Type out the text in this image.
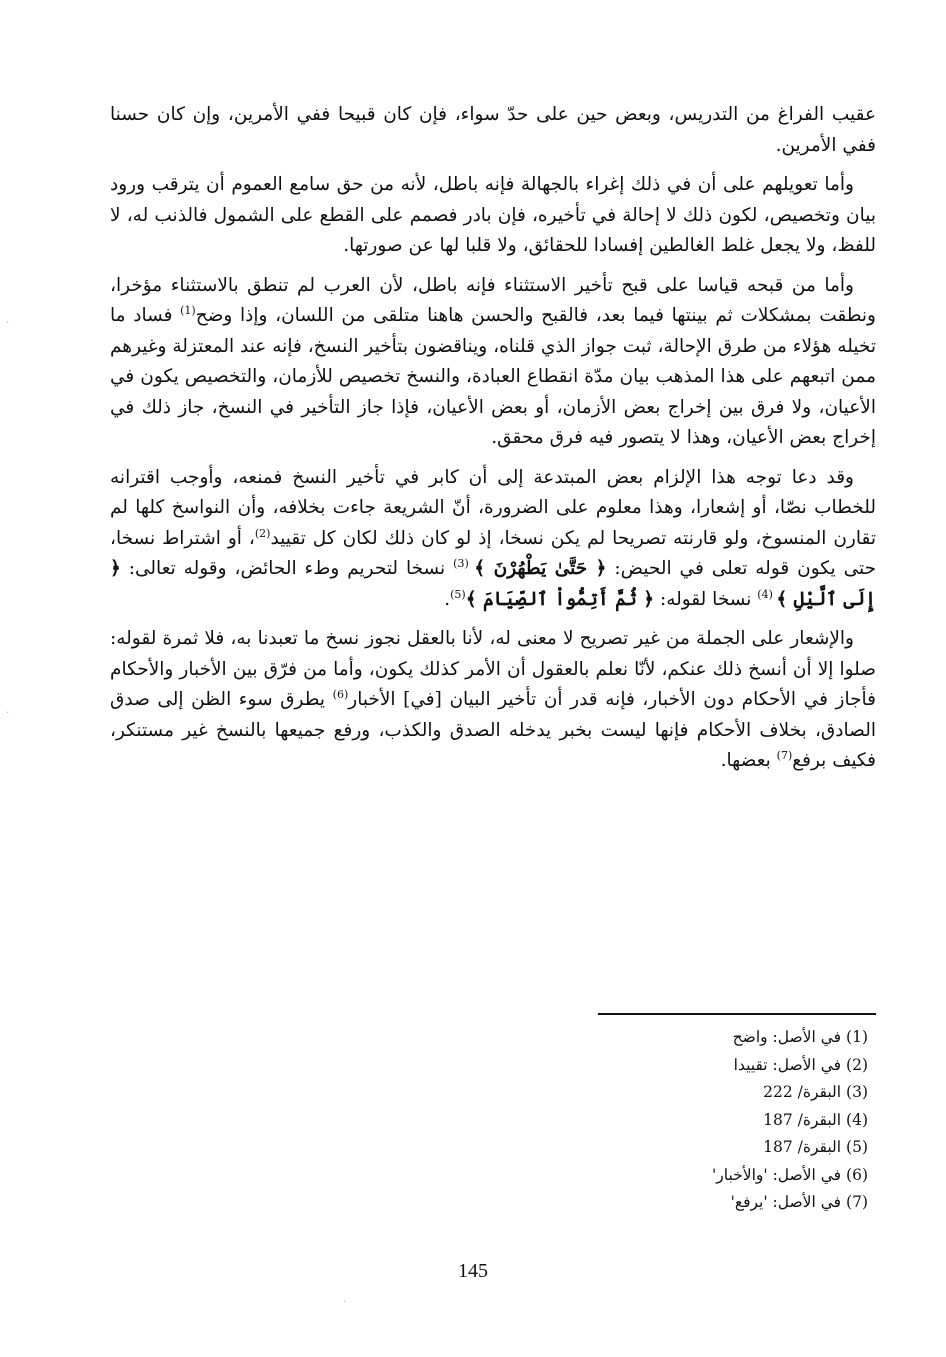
عقيب الفراغ من التدريس، وبعض حين على حدّ سواء، فإن كان قبيحا ففي الأمرين، وإن كان حسنا ففي الأمرين.

وأما تعويلهم على أن في ذلك إغراء بالجهالة فإنه باطل، لأنه من حق سامع العموم أن يترقب ورود بيان وتخصيص، لكون ذلك لا إحالة في تأخيره، فإن بادر فصمم على القطع على الشمول فالذنب له، لا للفظ، ولا يجعل غلط الغالطين إفسادا للحقائق، ولا قلبا لها عن صورتها.

وأما من قبحه قياسا على قبح تأخير الاستثناء فإنه باطل، لأن العرب لم تنطق بالاستثناء مؤخرا، ونطقت بمشكلات ثم بينتها فيما بعد، فالقبح والحسن هاهنا متلقى من اللسان، وإذا وضح$^{(1)}$ فساد ما تخيله هؤلاء من طرق الإحالة، ثبت جواز الذي قلناه، ويناقضون بتأخير النسخ، فإنه عند المعتزلة وغيرهم ممن اتبعهم على هذا المذهب بيان مدّة انقطاع العبادة، والنسخ تخصيص للأزمان، والتخصيص يكون في الأعيان، ولا فرق بين إخراج بعض الأزمان، أو بعض الأعيان، فإذا جاز التأخير في النسخ، جاز ذلك في إخراج بعض الأعيان، وهذا لا يتصور فيه فرق محقق.

وقد دعا توجه هذا الإلزام بعض المبتدعة إلى أن كابر في تأخير النسخ فمنعه، وأوجب اقترانه للخطاب نصّا، أو إشعارا، وهذا معلوم على الضرورة، أنّ الشريعة جاءت بخلافه، وأن النواسخ كلها لم تقارن المنسوخ، ولو قارنته تصريحا لم يكن نسخا، إذ لو كان ذلك لكان كل تقييد$^{(2)}$، أو اشتراط نسخا، حتى يكون قوله تعلى في الحيض: ﴿ حَتَّىٰ يَطْهُرْنَ ﴾ $^{(3)}$ نسخا لتحريم وطء الحائض، وقوله تعالى: ﴿ إِلَى ٱلَّيْلِ ﴾ $^{(4)}$ نسخا لقوله: ﴿ ثُمَّ أَتِمُّواْ ٱلصِّيَامَ ﴾$^{(5)}$.

والإشعار على الجملة من غير تصريح لا معنى له، لأنا بالعقل نجوز نسخ ما تعبدنا به، فلا ثمرة لقوله: صلوا إلا أن أنسخ ذلك عنكم، لأنّا نعلم بالعقول أن الأمر كذلك يكون، وأما من فرّق بين الأخبار والأحكام فأجاز في الأحكام دون الأخبار، فإنه قدر أن تأخير البيان [في] الأخبار$^{(6)}$ يطرق سوء الظن إلى صدق الصادق، بخلاف الأحكام فإنها ليست بخبر يدخله الصدق والكذب، ورفع جميعها بالنسخ غير مستنكر، فكيف برفع$^{(7)}$ بعضها.

(1) في الأصل: واضح
(2) في الأصل: تقييدا
(3) البقرة/ 222
(4) البقرة/ 187
(5) البقرة/ 187
(6) في الأصل: 'والأخبار'
(7) في الأصل: 'يرفع'
145
·
·
·
